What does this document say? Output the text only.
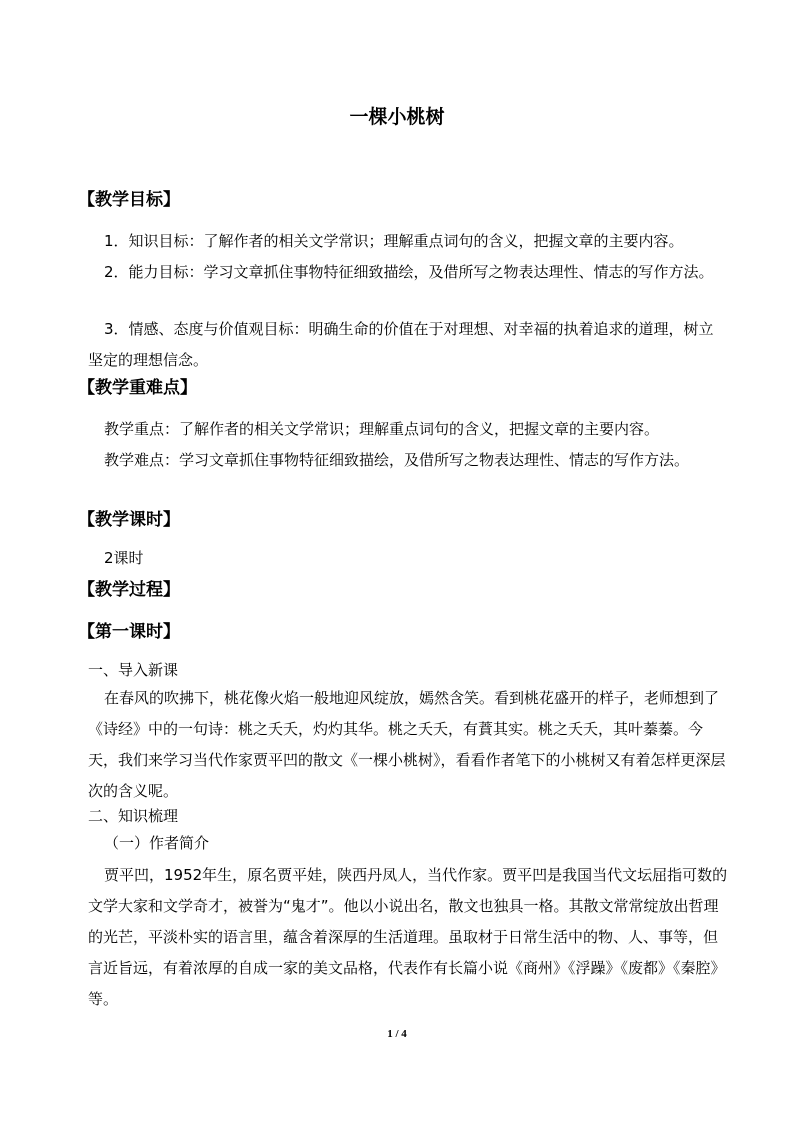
一棵小桃树
【教学目标】
1．知识目标：了解作者的相关文学常识；理解重点词句的含义，把握文章的主要内容。
2．能力目标：学习文章抓住事物特征细致描绘，及借所写之物表达理性、情志的写作方法。
3．情感、态度与价值观目标：明确生命的价值在于对理想、对幸福的执着追求的道理，树立坚定的理想信念。
【教学重难点】
教学重点：了解作者的相关文学常识；理解重点词句的含义，把握文章的主要内容。
教学难点：学习文章抓住事物特征细致描绘，及借所写之物表达理性、情志的写作方法。
【教学课时】
2课时
【教学过程】
【第一课时】
一、导入新课
在春风的吹拂下，桃花像火焰一般地迎风绽放，嫣然含笑。看到桃花盛开的样子，老师想到了《诗经》中的一句诗：桃之夭夭，灼灼其华。桃之夭夭，有蕡其实。桃之夭夭，其叶蓁蓁。今天，我们来学习当代作家贾平凹的散文《一棵小桃树》，看看作者笔下的小桃树又有着怎样更深层次的含义呢。
二、知识梳理
（一）作者简介
贾平凹，1952年生，原名贾平娃，陕西丹凤人，当代作家。贾平凹是我国当代文坛屈指可数的文学大家和文学奇才，被誉为“鬼才”。他以小说出名，散文也独具一格。其散文常常绽放出哲理的光芒，平淡朴实的语言里，蕴含着深厚的生活道理。虽取材于日常生活中的物、人、事等，但言近旨远，有着浓厚的自成一家的美文品格，代表作有长篇小说《商州》《浮躁》《废都》《秦腔》等。
1 / 4
